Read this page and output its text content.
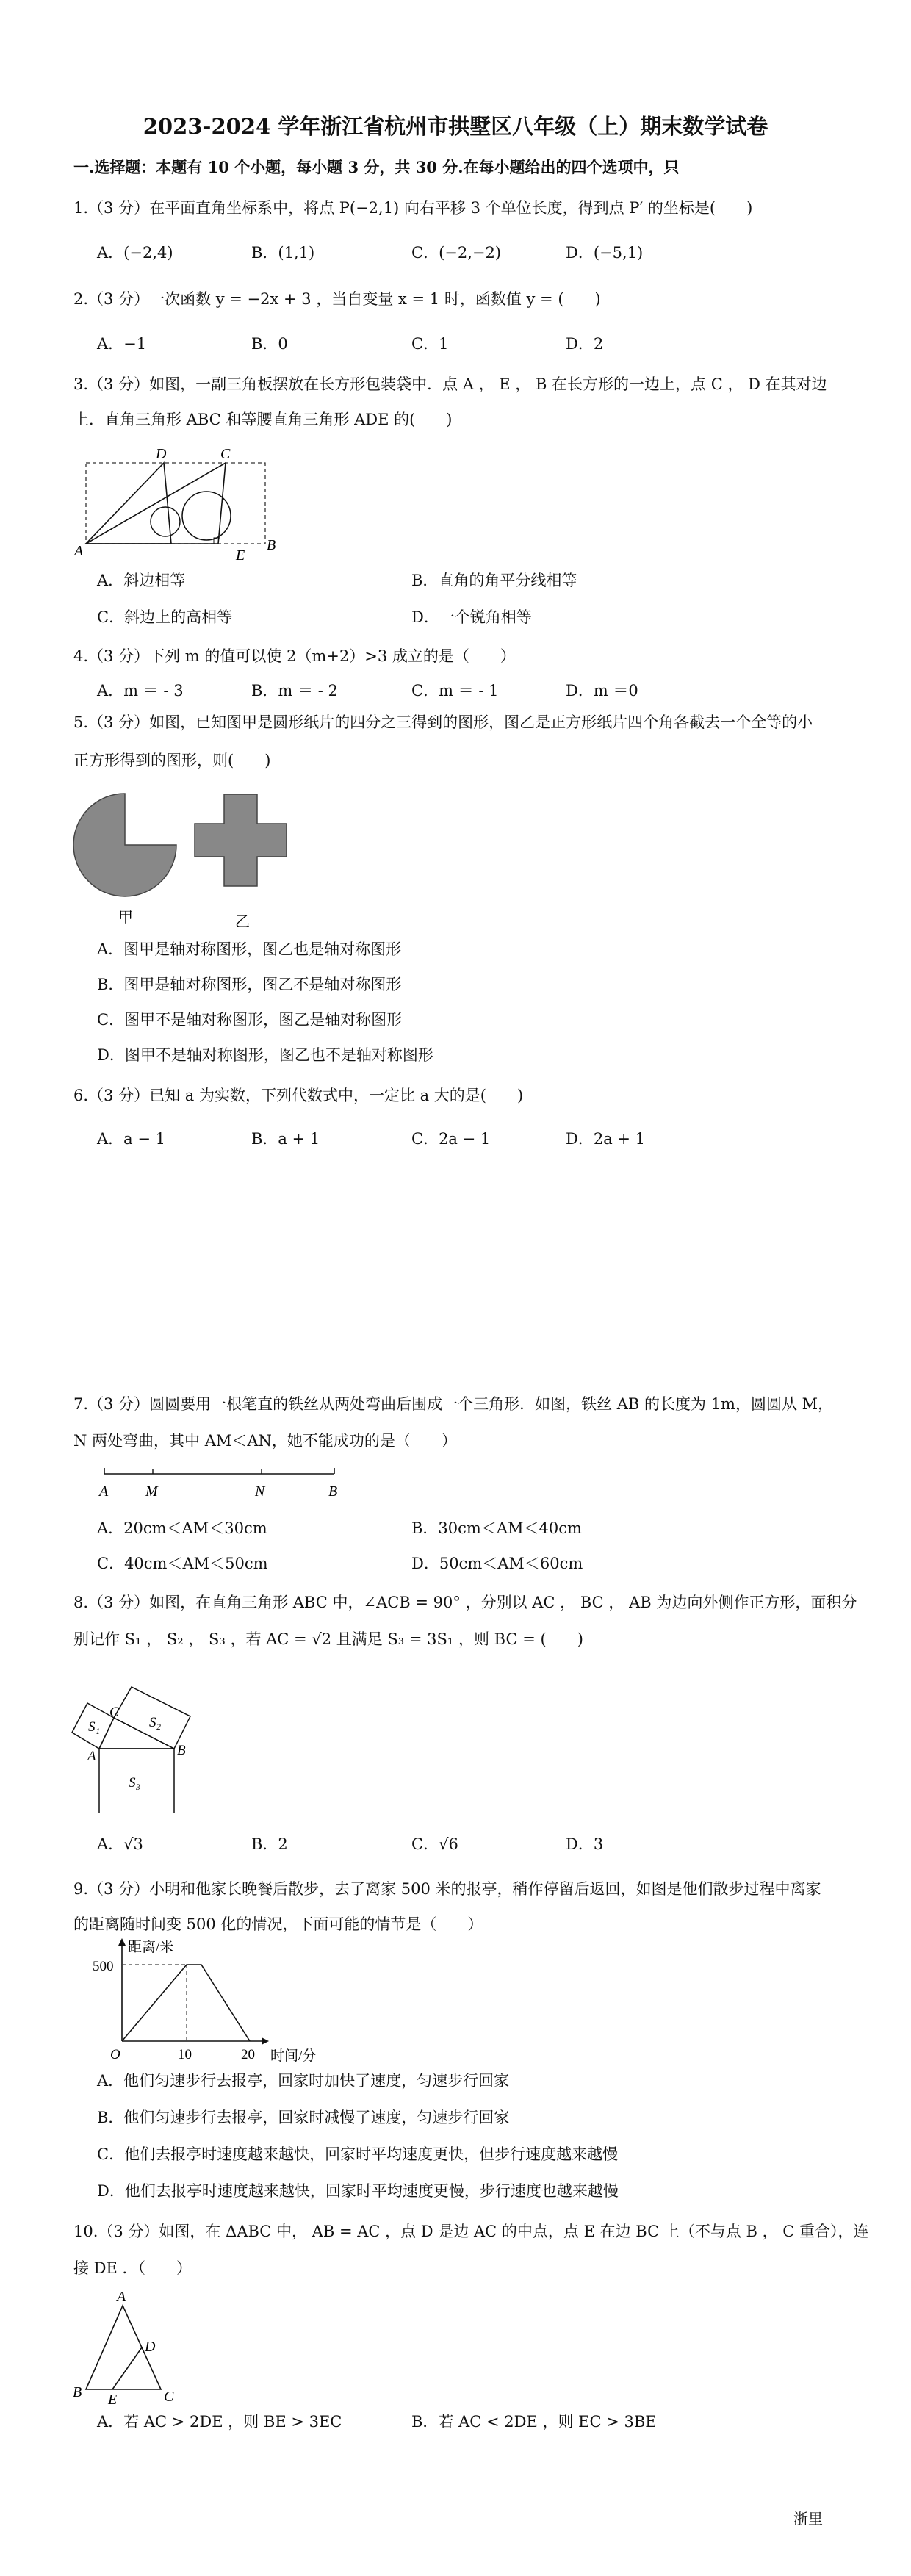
2023-2024 学年浙江省杭州市拱墅区八年级（上）期末数学试卷
一.选择题：本题有 10 个小题，每小题 3 分，共 30 分.在每小题给出的四个选项中，只
1.（3 分）在平面直角坐标系中，将点 P(−2,1) 向右平移 3 个单位长度，得到点 P′ 的坐标是(　　)
A．(−2,4)	B．(1,1)	C．(−2,−2)	D．(−5,1)
2.（3 分）一次函数 y = −2x + 3 ，当自变量 x = 1 时，函数值 y = (　　)
A．−1	B．0	C．1	D．2
3.（3 分）如图，一副三角板摆放在长方形包装袋中．点 A ， E ， B 在长方形的一边上，点 C ， D 在其对边
上．直角三角形 ABC 和等腰直角三角形 ADE 的(　　)
D	C
A	E
B
A．斜边相等	B．直角的角平分线相等
C．斜边上的高相等	D．一个锐角相等
4.（3 分）下列 m 的值可以使 2（m+2）>3 成立的是（　　）
A．m ＝ - 3	B．m ＝ - 2	C．m ＝ - 1	D．m ＝0
5.（3 分）如图，已知图甲是圆形纸片的四分之三得到的图形，图乙是正方形纸片四个角各截去一个全等的小
正方形得到的图形，则(　　)
甲	乙
A．图甲是轴对称图形，图乙也是轴对称图形
B．图甲是轴对称图形，图乙不是轴对称图形
C．图甲不是轴对称图形，图乙是轴对称图形
D．图甲不是轴对称图形，图乙也不是轴对称图形
6.（3 分）已知 a 为实数，下列代数式中，一定比 a 大的是(　　)
A．a − 1	B．a + 1	C．2a − 1	D．2a + 1
7.（3 分）圆圆要用一根笔直的铁丝从两处弯曲后围成一个三角形．如图，铁丝 AB 的长度为 1m，圆圆从 M，
N 两处弯曲，其中 AM＜AN，她不能成功的是（　　）
A	M	N	B
A．20cm＜AM＜30cm	B．30cm＜AM＜40cm
C．40cm＜AM＜50cm	D．50cm＜AM＜60cm
8.（3 分）如图，在直角三角形 ABC 中，∠ACB = 90° ，分别以 AC ， BC ， AB 为边向外侧作正方形，面积分
别记作 S₁ ， S₂ ， S₃ ，若 AC = √2 且满足 S₃ = 3S₁ ，则 BC = (　　)
C
S₁	S₂
A	B
S₃
A．√3	B．2	C．√6	D．3
9.（3 分）小明和他家长晚餐后散步，去了离家 500 米的报亭，稍作停留后返回，如图是他们散步过程中离家
的距离随时间变 500 化的情况，下面可能的情节是（　　）
距离/米
500
O	10	20 时间/分
A．他们匀速步行去报亭，回家时加快了速度，匀速步行回家
B．他们匀速步行去报亭，回家时减慢了速度，匀速步行回家
C．他们去报亭时速度越来越快，回家时平均速度更快，但步行速度越来越慢
D．他们去报亭时速度越来越快，回家时平均速度更慢，步行速度也越来越慢
10.（3 分）如图，在 ΔABC 中， AB = AC ，点 D 是边 AC 的中点，点 E 在边 BC 上（不与点 B ， C 重合），连
接 DE ．（　　）
A
D
B E	C
A．若 AC > 2DE ，则 BE > 3EC	B．若 AC < 2DE ，则 EC > 3BE
浙里
